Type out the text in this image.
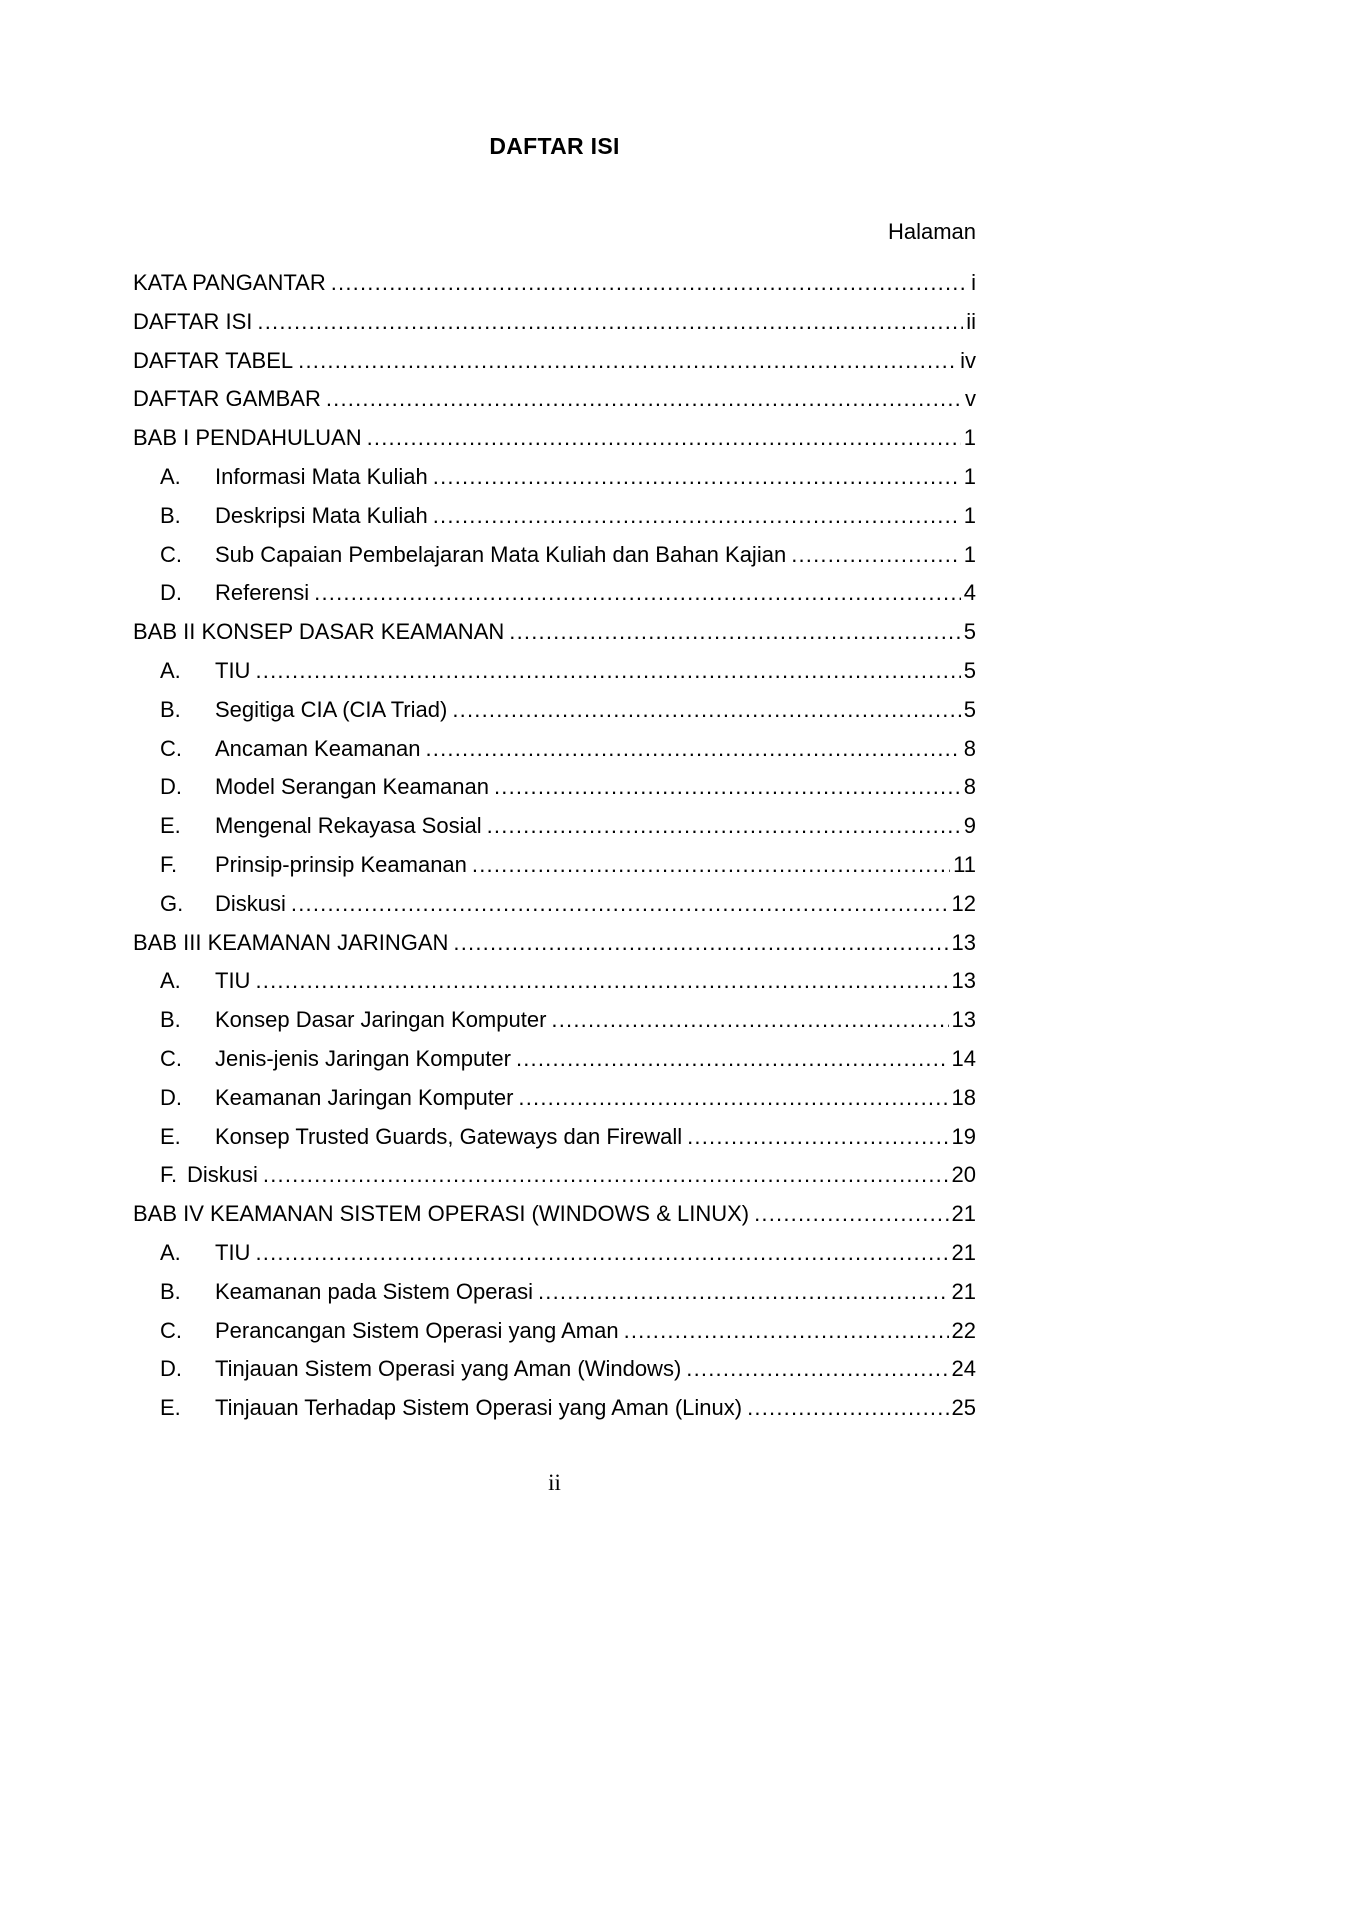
DAFTAR ISI
Halaman
KATA PANGANTAR .....	i
DAFTAR ISI .....	ii
DAFTAR TABEL .....	iv
DAFTAR GAMBAR .....	v
BAB I PENDAHULUAN .....	1
A.	Informasi Mata Kuliah .....	1
B.	Deskripsi Mata Kuliah .....	1
C.	Sub Capaian Pembelajaran Mata Kuliah dan Bahan Kajian .....	1
D.	Referensi .....	4
BAB II KONSEP DASAR KEAMANAN .....	5
A.	TIU .....	5
B.	Segitiga CIA (CIA Triad) .....	5
C.	Ancaman Keamanan .....	8
D.	Model Serangan Keamanan .....	8
E.	Mengenal Rekayasa Sosial .....	9
F.	Prinsip-prinsip Keamanan .....	11
G.	Diskusi .....	12
BAB III KEAMANAN JARINGAN .....	13
A.	TIU .....	13
B.	Konsep Dasar Jaringan Komputer .....	13
C.	Jenis-jenis Jaringan Komputer .....	14
D.	Keamanan Jaringan Komputer .....	18
E.	Konsep Trusted Guards, Gateways dan Firewall .....	19
F. Diskusi .....	20
BAB IV KEAMANAN SISTEM OPERASI (WINDOWS & LINUX) .....	21
A.	TIU .....	21
B.	Keamanan pada Sistem Operasi .....	21
C.	Perancangan Sistem Operasi yang Aman .....	22
D.	Tinjauan Sistem Operasi yang Aman (Windows) .....	24
E.	Tinjauan Terhadap Sistem Operasi yang Aman (Linux) .....	25
ii
